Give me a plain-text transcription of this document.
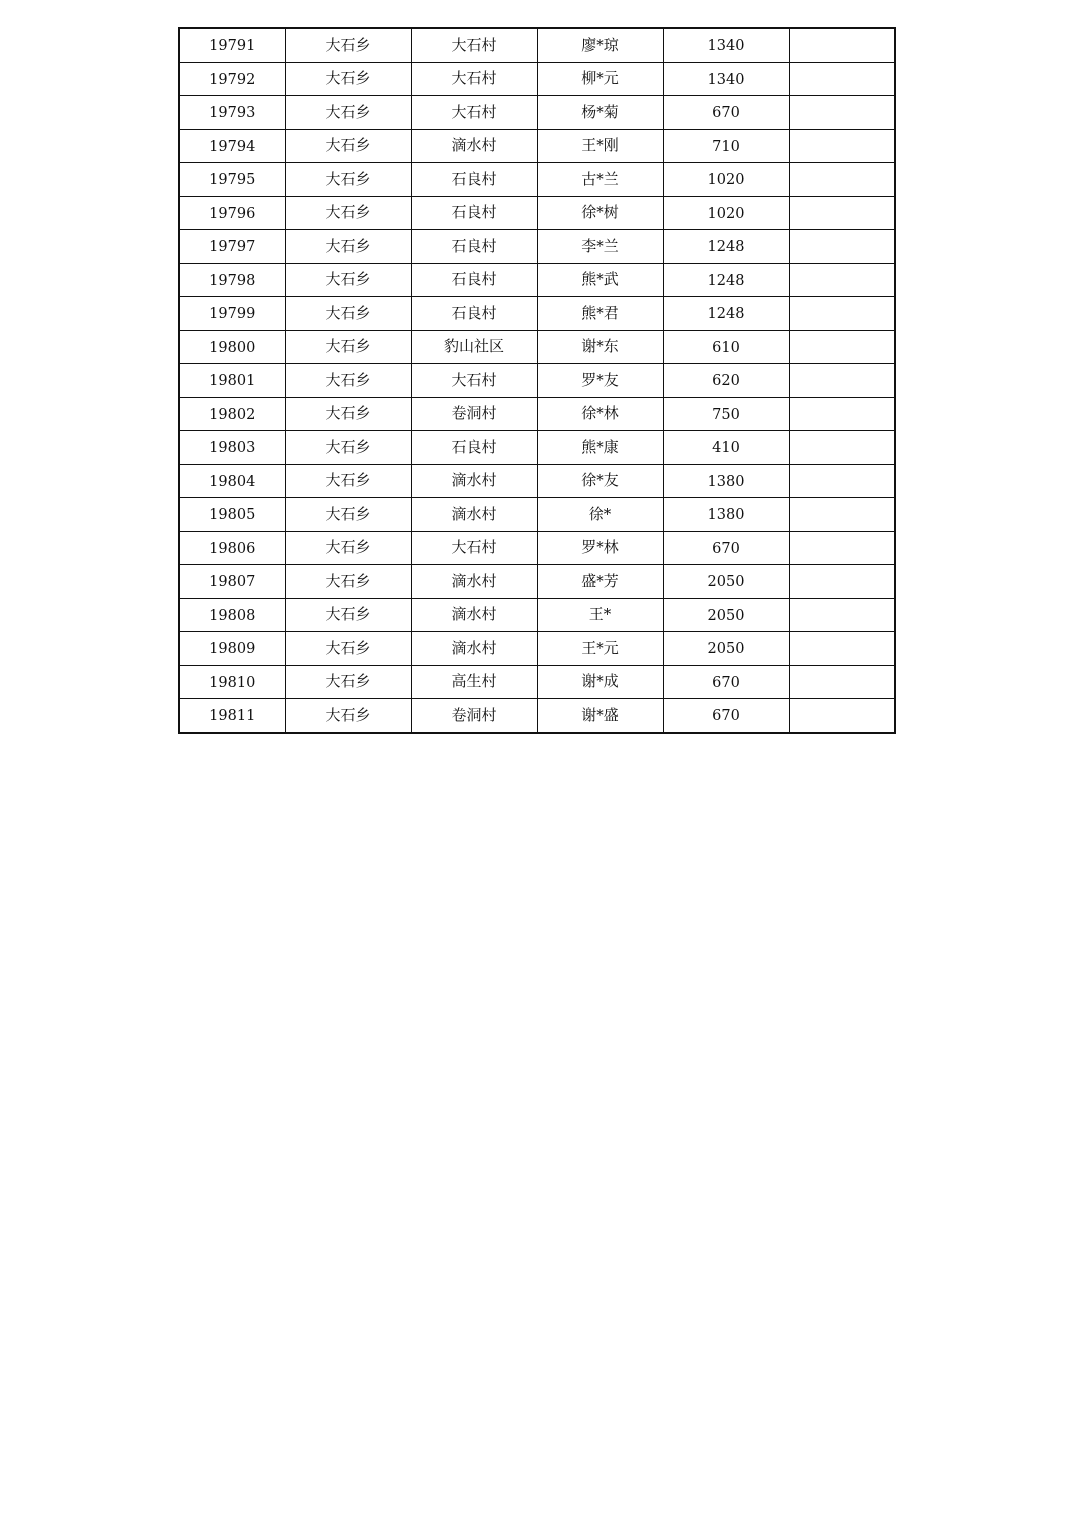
19791	大石乡	大石村	廖*琼	1340	
19792	大石乡	大石村	柳*元	1340	
19793	大石乡	大石村	杨*菊	670	
19794	大石乡	滴水村	王*刚	710	
19795	大石乡	石良村	古*兰	1020	
19796	大石乡	石良村	徐*树	1020	
19797	大石乡	石良村	李*兰	1248	
19798	大石乡	石良村	熊*武	1248	
19799	大石乡	石良村	熊*君	1248	
19800	大石乡	豹山社区	谢*东	610	
19801	大石乡	大石村	罗*友	620	
19802	大石乡	卷洞村	徐*林	750	
19803	大石乡	石良村	熊*康	410	
19804	大石乡	滴水村	徐*友	1380	
19805	大石乡	滴水村	徐*	1380	
19806	大石乡	大石村	罗*林	670	
19807	大石乡	滴水村	盛*芳	2050	
19808	大石乡	滴水村	王*	2050	
19809	大石乡	滴水村	王*元	2050	
19810	大石乡	高生村	谢*成	670	
19811	大石乡	卷洞村	谢*盛	670	
